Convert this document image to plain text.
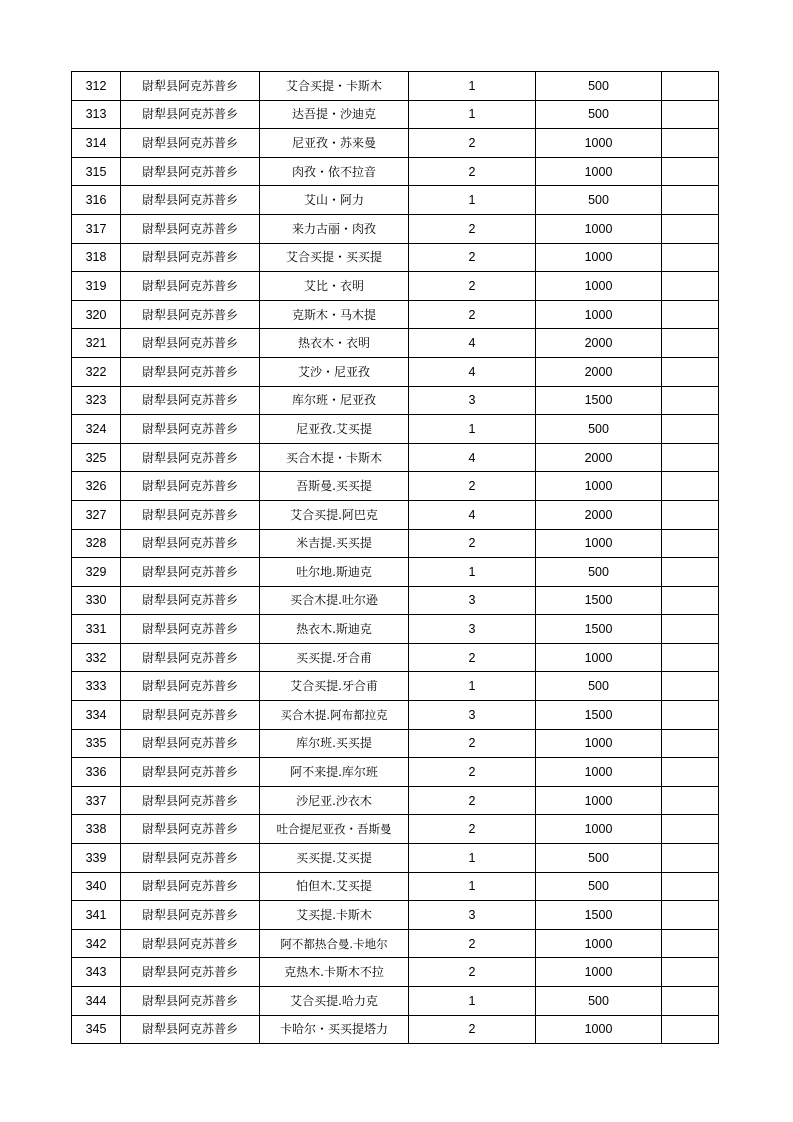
312	尉犁县阿克苏普乡	艾合买提・卡斯木	1	500	
313	尉犁县阿克苏普乡	达吾提・沙迪克	1	500	
314	尉犁县阿克苏普乡	尼亚孜・苏来曼	2	1000	
315	尉犁县阿克苏普乡	肉孜・依不拉音	2	1000	
316	尉犁县阿克苏普乡	艾山・阿力	1	500	
317	尉犁县阿克苏普乡	来力古丽・肉孜	2	1000	
318	尉犁县阿克苏普乡	艾合买提・买买提	2	1000	
319	尉犁县阿克苏普乡	艾比・衣明	2	1000	
320	尉犁县阿克苏普乡	克斯木・马木提	2	1000	
321	尉犁县阿克苏普乡	热衣木・衣明	4	2000	
322	尉犁县阿克苏普乡	艾沙・尼亚孜	4	2000	
323	尉犁县阿克苏普乡	库尔班・尼亚孜	3	1500	
324	尉犁县阿克苏普乡	尼亚孜.艾买提	1	500	
325	尉犁县阿克苏普乡	买合木提・卡斯木	4	2000	
326	尉犁县阿克苏普乡	吾斯曼.买买提	2	1000	
327	尉犁县阿克苏普乡	艾合买提.阿巴克	4	2000	
328	尉犁县阿克苏普乡	米吉提.买买提	2	1000	
329	尉犁县阿克苏普乡	吐尔地.斯迪克	1	500	
330	尉犁县阿克苏普乡	买合木提.吐尔逊	3	1500	
331	尉犁县阿克苏普乡	热衣木.斯迪克	3	1500	
332	尉犁县阿克苏普乡	买买提.牙合甫	2	1000	
333	尉犁县阿克苏普乡	艾合买提.牙合甫	1	500	
334	尉犁县阿克苏普乡	买合木提.阿布都拉克	3	1500	
335	尉犁县阿克苏普乡	库尔班.买买提	2	1000	
336	尉犁县阿克苏普乡	阿不来提.库尔班	2	1000	
337	尉犁县阿克苏普乡	沙尼亚.沙衣木	2	1000	
338	尉犁县阿克苏普乡	吐合提尼亚孜・吾斯曼	2	1000	
339	尉犁县阿克苏普乡	买买提.艾买提	1	500	
340	尉犁县阿克苏普乡	怕但木.艾买提	1	500	
341	尉犁县阿克苏普乡	艾买提.卡斯木	3	1500	
342	尉犁县阿克苏普乡	阿不都热合曼.卡地尔	2	1000	
343	尉犁县阿克苏普乡	克热木.卡斯木不拉	2	1000	
344	尉犁县阿克苏普乡	艾合买提.哈力克	1	500	
345	尉犁县阿克苏普乡	卡哈尔・买买提塔力	2	1000	
